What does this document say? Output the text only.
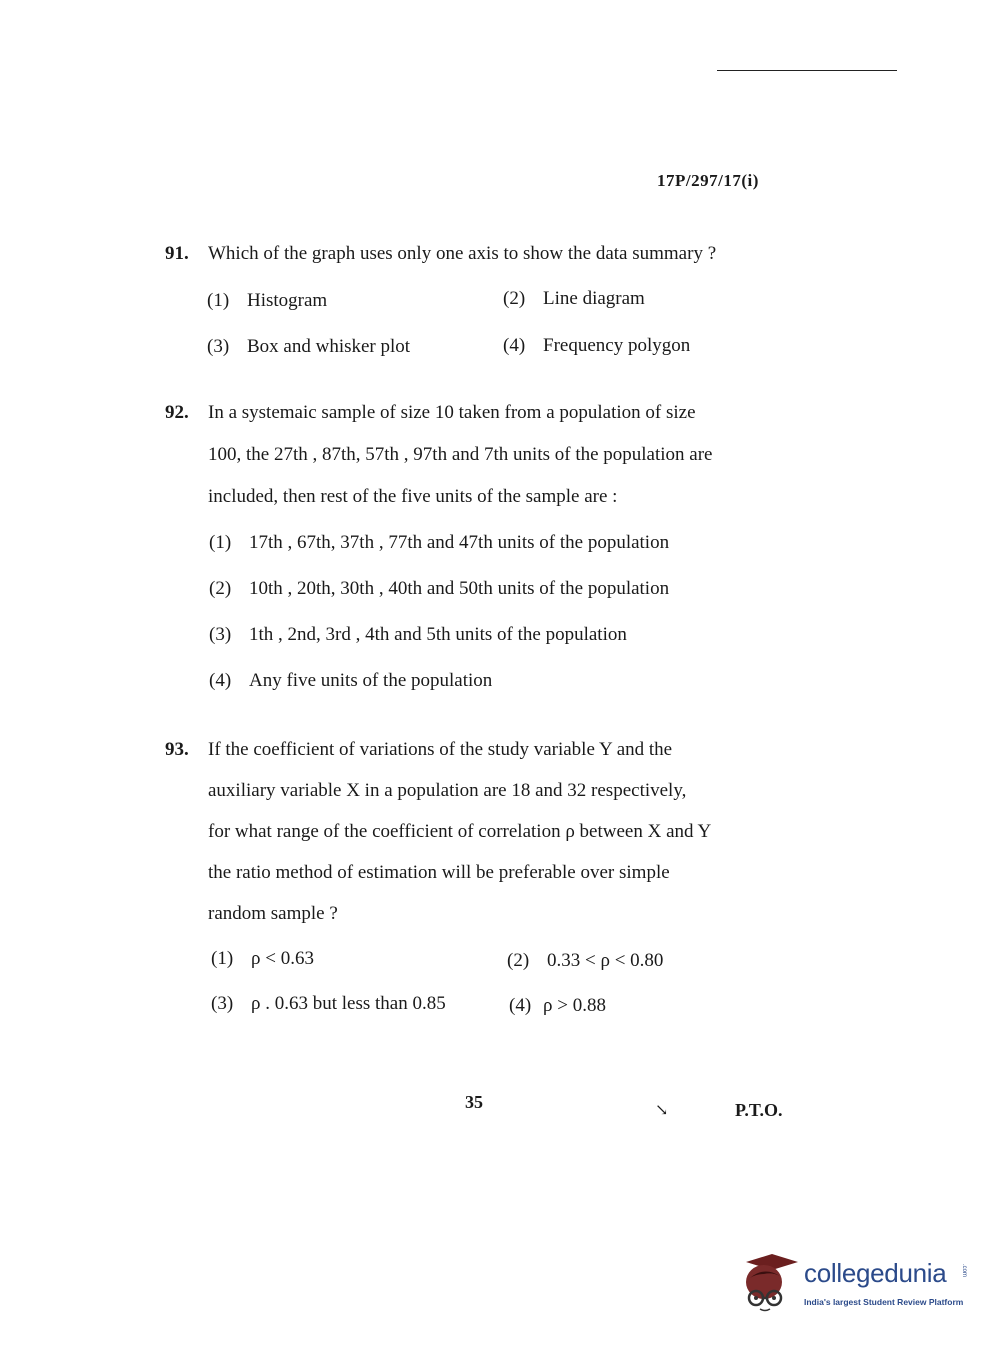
17P/297/17(i)
91. Which of the graph uses only one axis to show the data summary ?
(1) Histogram	(2) Line diagram
(3) Box and whisker plot	(4) Frequency polygon
92. In a systemaic sample of size 10 taken from a population of size
100, the 27th , 87th, 57th , 97th and 7th units of the population are
included, then rest of the five units of the sample are :
(1) 17th , 67th, 37th , 77th and 47th units of the population
(2) 10th , 20th, 30th , 40th and 50th units of the population
(3) 1th , 2nd, 3rd , 4th and 5th units of the population
(4) Any five units of the population
93. If the coefficient of variations of the study variable Y and the
auxiliary variable X in a population are 18 and 32 respectively,
for what range of the coefficient of correlation ρ between X and Y
the ratio method of estimation will be preferable over simple
random sample ?
(1) ρ < 0.63	(2) 0.33 < ρ < 0.80
(3) ρ . 0.63 but less than 0.85	(4) ρ > 0.88
35	↘	P.T.O.
collegedunia .com
India's largest Student Review Platform
